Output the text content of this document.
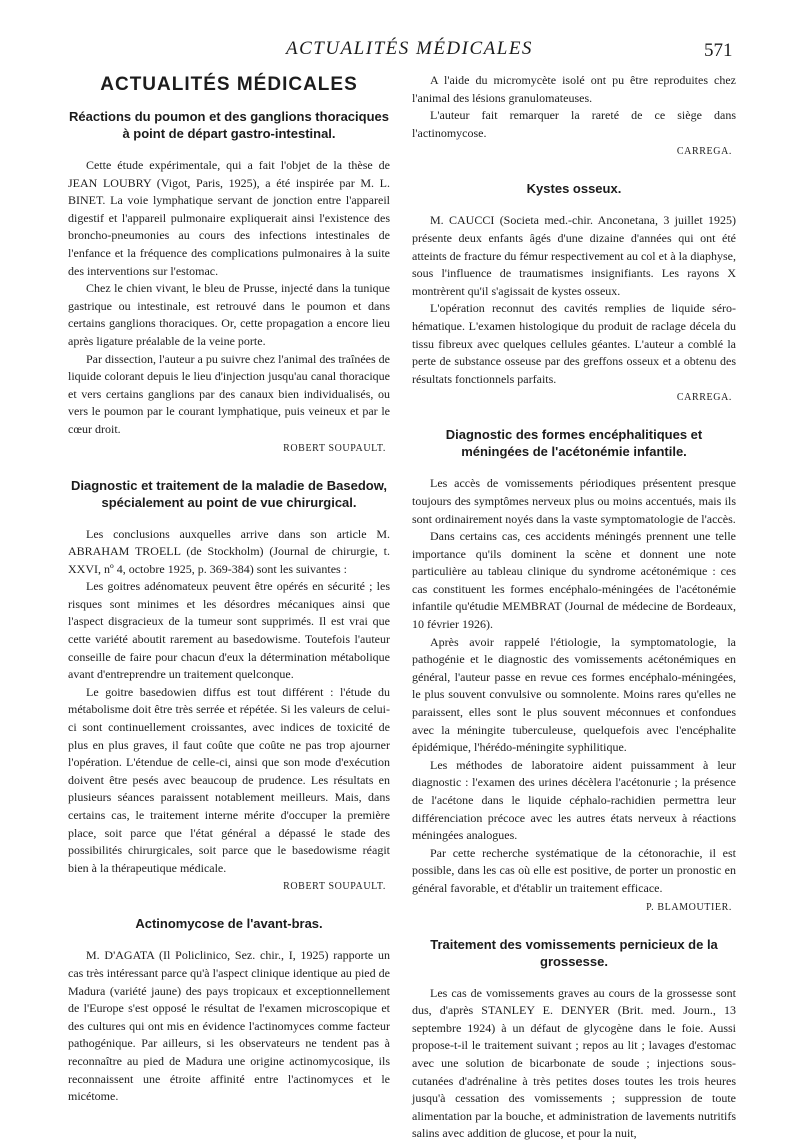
ACTUALITÉS MÉDICALES	571
ACTUALITÉS MÉDICALES
Réactions du poumon et des ganglions thoraciques à point de départ gastro-intestinal.

Cette étude expérimentale, qui a fait l'objet de la thèse de JEAN LOUBRY (Vigot, Paris, 1925), a été inspirée par M. L. BINET. La voie lymphatique servant de jonction entre l'appareil digestif et l'appareil pulmonaire expliquerait ainsi l'existence des broncho-pneumonies au cours des infections intestinales de l'enfance et la fréquence des complications pulmonaires à la suite des interventions sur l'estomac.

Chez le chien vivant, le bleu de Prusse, injecté dans la tunique gastrique ou intestinale, est retrouvé dans le poumon et dans certains ganglions thoraciques. Or, cette propagation a encore lieu après ligature préalable de la veine porte.

Par dissection, l'auteur a pu suivre chez l'animal des traînées de liquide colorant depuis le lieu d'injection jusqu'au canal thoracique et vers certains ganglions par des canaux bien individualisés, ou vers le poumon par le courant lymphatique, puis veineux et par le cœur droit.

ROBERT SOUPAULT.
Diagnostic et traitement de la maladie de Basedow, spécialement au point de vue chirurgical.

Les conclusions auxquelles arrive dans son article M. ABRAHAM TROELL (de Stockholm) (Journal de chirurgie, t. XXVI, nº 4, octobre 1925, p. 369-384) sont les suivantes :

Les goitres adénomateux peuvent être opérés en sécurité ; les risques sont minimes et les désordres mécaniques ainsi que l'aspect disgracieux de la tumeur sont supprimés. Il est vrai que cette variété aboutit rarement au basedowisme. Toutefois l'auteur conseille de faire pour chacun d'eux la détermination métabolique avant d'entreprendre un traitement quelconque.

Le goitre basedowien diffus est tout différent : l'étude du métabolisme doit être très serrée et répétée. Si les valeurs de celui-ci sont continuellement croissantes, avec indices de toxicité de plus en plus graves, il faut coûte que coûte ne pas trop ajourner l'opération. L'étendue de celle-ci, ainsi que son mode d'exécution doivent être pesés avec beaucoup de prudence. Les résultats en plusieurs séances paraissent notablement meilleurs. Mais, dans certains cas, le traitement interne mérite d'occuper la première place, soit parce que l'état général a dépassé le stade des possibilités chirurgicales, soit parce que le basedowisme réagit bien à la thérapeutique médicale.

ROBERT SOUPAULT.
Actinomycose de l'avant-bras.

M. D'AGATA (Il Policlinico, Sez. chir., I, 1925) rapporte un cas très intéressant parce qu'à l'aspect clinique identique au pied de Madura (variété jaune) des pays tropicaux et exceptionnellement de l'Europe s'est opposé le résultat de l'examen microscopique et des cultures qui ont mis en évidence l'actinomyces comme facteur pathogénique. Par ailleurs, si les observateurs ne tendent pas à reconnaître au pied de Madura une origine actinomycosique, ils reconnaissent une étroite affinité entre l'actinomyces et le micétome.

A l'aide du micromycète isolé ont pu être reproduites chez l'animal des lésions granulomateuses.

L'auteur fait remarquer la rareté de ce siège dans l'actinomycose.

CARREGA.
Kystes osseux.

M. CAUCCI (Societa med.-chir. Anconetana, 3 juillet 1925) présente deux enfants âgés d'une dizaine d'années qui ont été atteints de fracture du fémur respectivement au col et à la diaphyse, sous l'influence de traumatismes insignifiants. Les rayons X montrèrent qu'il s'agissait de kystes osseux.

L'opération reconnut des cavités remplies de liquide séro-hématique. L'examen histologique du produit de raclage décela du tissu fibreux avec quelques cellules géantes. L'auteur a comblé la perte de substance osseuse par des greffons osseux et a obtenu des résultats fonctionnels parfaits.

CARREGA.
Diagnostic des formes encéphalitiques et méningées de l'acétonémie infantile.

Les accès de vomissements périodiques présentent presque toujours des symptômes nerveux plus ou moins accentués, mais ils sont ordinairement noyés dans la vaste symptomatologie de l'accès.

Dans certains cas, ces accidents méningés prennent une telle importance qu'ils dominent la scène et donnent une note particulière au tableau clinique du syndrome acétonémique : ces cas constituent les formes encéphalo-méningées de l'acétonémie infantile qu'étudie MEMBRAT (Journal de médecine de Bordeaux, 10 février 1926).

Après avoir rappelé l'étiologie, la symptomatologie, la pathogénie et le diagnostic des vomissements acétonémiques en général, l'auteur passe en revue ces formes encéphalo-méningées, le plus souvent convulsive ou somnolente. Moins rares qu'elles ne paraissent, elles sont le plus souvent méconnues et confondues avec la méningite tuberculeuse, quelquefois avec l'encéphalite épidémique, l'hérédo-méningite syphilitique.

Les méthodes de laboratoire aident puissamment à leur diagnostic : l'examen des urines décèlera l'acétonurie ; la présence de l'acétone dans le liquide céphalo-rachidien permettra leur différenciation précoce avec les autres états nerveux à réactions méningées analogues.

Par cette recherche systématique de la cétonorachie, il est possible, dans les cas où elle est positive, de porter un pronostic en général favorable, et d'établir un traitement efficace.

P. BLAMOUTIER.
Traitement des vomissements pernicieux de la grossesse.

Les cas de vomissements graves au cours de la grossesse sont dus, d'après STANLEY E. DENYER (Brit. med. Journ., 13 septembre 1924) à un défaut de glycogène dans le foie. Aussi propose-t-il le traitement suivant ; repos au lit ; lavages d'estomac avec une solution de bicarbonate de soude ; injections sous-cutanées d'adrénaline à très petites doses toutes les trois heures jusqu'à cessation des vomissements ; suppression de toute alimentation par la bouche, et administration de lavements nutritifs salins avec addition de glucose, et pour la nuit,
